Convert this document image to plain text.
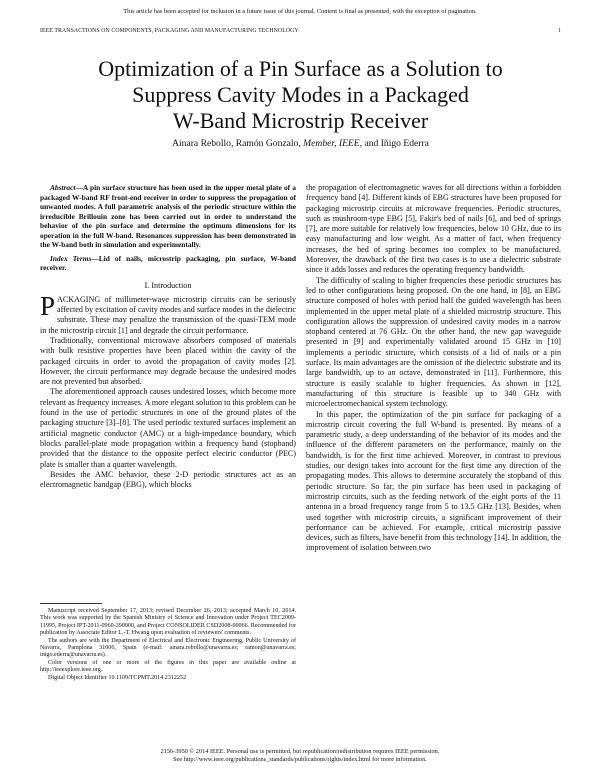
This article has been accepted for inclusion in a future issue of this journal. Content is final as presented, with the exception of pagination.
IEEE TRANSACTIONS ON COMPONENTS, PACKAGING AND MANUFACTURING TECHNOLOGY	1
Optimization of a Pin Surface as a Solution to
Suppress Cavity Modes in a Packaged
W-Band Microstrip Receiver
Ainara Rebollo, Ramón Gonzalo, Member, IEEE, and Iñigo Ederra

Abstract—A pin surface structure has been used in the upper metal plate of a packaged W-band RF front-end receiver in order to suppress the propagation of unwanted modes. A full parametric analysis of the periodic structure within the irreducible Brillouin zone has been carried out in order to understand the behavior of the pin surface and determine the optimum dimensions for its operation in the full W-band. Resonances suppression has been demonstrated in the W-band both in simulation and experimentally.

Index Terms—Lid of nails, microstrip packaging, pin surface, W-band receiver.

I. Introduction

PACKAGING of millimeter-wave microstrip circuits can be seriously affected by excitation of cavity modes and surface modes in the dielectric substrate. These may penalize the transmission of the quasi-TEM mode in the microstrip circuit [1] and degrade the circuit performance.

Traditionally, conventional microwave absorbers composed of materials with bulk resistive properties have been placed within the cavity of the packaged circuits in order to avoid the propagation of cavity modes [2]. However, the circuit performance may degrade because the undesired modes are not prevented but absorbed.

The aforementioned approach causes undesired losses, which become more relevant as frequency increases. A more elegant solution to this problem can be found in the use of periodic structures in one of the ground plates of the packaging structure [3]–[8]. The used periodic textured surfaces implement an artificial magnetic conductor (AMC) or a high-impedance boundary, which blocks parallel-plate mode propagation within a frequency band (stopband) provided that the distance to the opposite perfect electric conductor (PEC) plate is smaller than a quarter wavelength.

Besides the AMC behavior, these 2-D periodic structures act as an electromagnetic bandgap (EBG), which blocks

Manuscript received September 17, 2013; revised December 26, 2013; accepted March 10, 2014. This work was supported by the Spanish Ministry of Science and Innovation under Project TEC2009-11995, Project IPT-2011-0960-390000, and Project CONSOLIDER CSD2008-00066. Recommended for publication by Associate Editor L.-T. Hwang upon evaluation of reviewers' comments.

The authors are with the Department of Electrical and Electronic Engineering, Public University of Navarra, Pamplona 31006, Spain (e-mail: ainara.rebollo@unavarra.es; ramon@unavarra.es; inigo.ederra@unavarra.es).

Color versions of one or more of the figures in this paper are available online at http://ieeexplore.ieee.org.

Digital Object Identifier 10.1109/TCPMT.2014.2312252

the propagation of electromagnetic waves for all directions within a forbidden frequency band [4]. Different kinds of EBG structures have been proposed for packaging microstrip circuits at microwave frequencies. Periodic structures, such as mushroom-type EBG [5], Fakir's bed of nails [6], and bed of springs [7], are more suitable for relatively low frequencies, below 10 GHz, due to its easy manufacturing and low weight. As a matter of fact, when frequency increases, the bed of spring becomes too complex to be manufactured. Moreover, the drawback of the first two cases is to use a dielectric substrate since it adds losses and reduces the operating frequency bandwidth.

The difficulty of scaling to higher frequencies these periodic structures has led to other configurations being proposed. On the one hand, in [8], an EBG structure composed of holes with period half the guided wavelength has been implemented in the upper metal plate of a shielded microstrip structure. This configuration allows the suppression of undesired cavity modes in a narrow stopband centered at 76 GHz. On the other hand, the new gap waveguide presented in [9] and experimentally validated around 15 GHz in [10] implements a periodic structure, which consists of a lid of nails or a pin surface. Its main advantages are the omission of the dielectric substrate and its large bandwidth, up to an octave, demonstrated in [11]. Furthermore, this structure is easily scalable to higher frequencies. As shown in [12], manufacturing of this structure is feasible up to 340 GHz with microelectromechanical system technology.

In this paper, the optimization of the pin surface for packaging of a microstrip circuit covering the full W-band is presented. By means of a parametric study, a deep understanding of the behavior of its modes and the influence of the different parameters on the performance, mainly on the bandwidth, is for the first time achieved. Moreover, in contrast to previous studies, our design takes into account for the first time any direction of the propagating modes. This allows to determine accurately the stopband of this periodic structure. So far, the pin surface has been used in packaging of microstrip circuits, such as the feeding network of the eight ports of the 11 antenna in a broad frequency range from 5 to 13.5 GHz [13]. Besides, when used together with microstrip circuits, a significant improvement of their performance can be achieved. For example, critical microstrip passive devices, such as filters, have benefit from this technology [14]. In addition, the improvement of isolation between two

2156-3950 © 2014 IEEE. Personal use is permitted, but republication/redistribution requires IEEE permission.
See http://www.ieee.org/publications_standards/publications/rights/index.html for more information.
